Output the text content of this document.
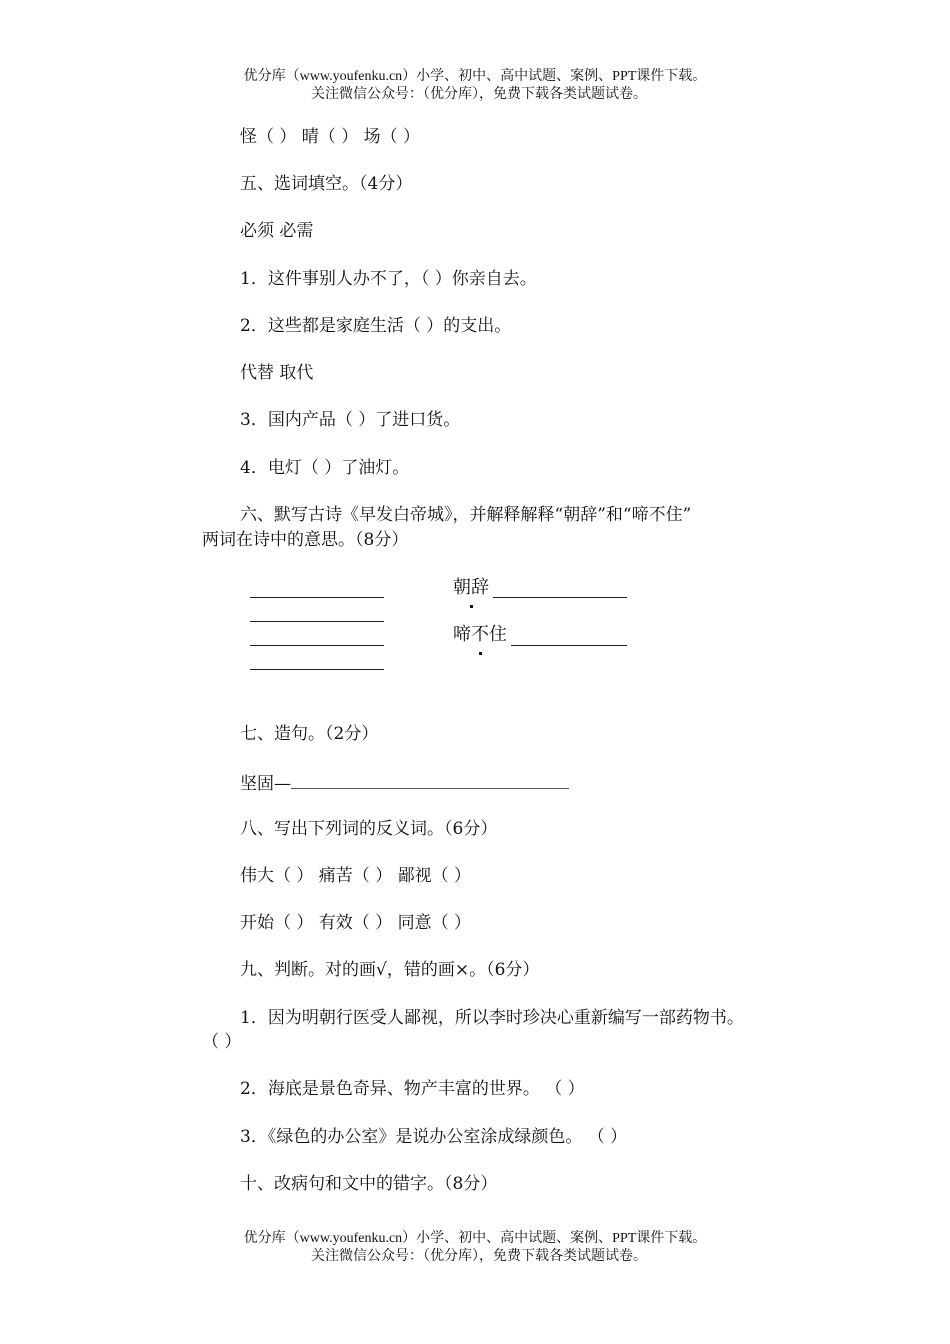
优分库（www.youfenku.cn）小学、初中、高中试题、案例、PPT课件下载。
关注微信公众号：（优分库），免费下载各类试题试卷。
怪（ ） 晴（ ） 场（ ）
五、选词填空。（4分）
必须 必需
1．这件事别人办不了，（ ）你亲自去。
2．这些都是家庭生活（ ）的支出。
代替 取代
3．国内产品（ ）了进口货。
4．电灯（ ）了油灯。
六、默写古诗《早发白帝城》，并解释解释“朝辞”和“啼不住”
两词在诗中的意思。（8分）
朝辞
啼不住
七、造句。（2分）
坚固—
八、写出下列词的反义词。（6分）
伟大（ ） 痛苦（ ） 鄙视（ ）
开始（ ） 有效（ ） 同意（ ）
九、判断。对的画√，错的画×。（6分）
1．因为明朝行医受人鄙视，所以李时珍决心重新编写一部药物书。
（ ）
2．海底是景色奇异、物产丰富的世界。 （ ）
3．《绿色的办公室》是说办公室涂成绿颜色。 （ ）
十、改病句和文中的错字。（8分）
优分库（www.youfenku.cn）小学、初中、高中试题、案例、PPT课件下载。
关注微信公众号：（优分库），免费下载各类试题试卷。
